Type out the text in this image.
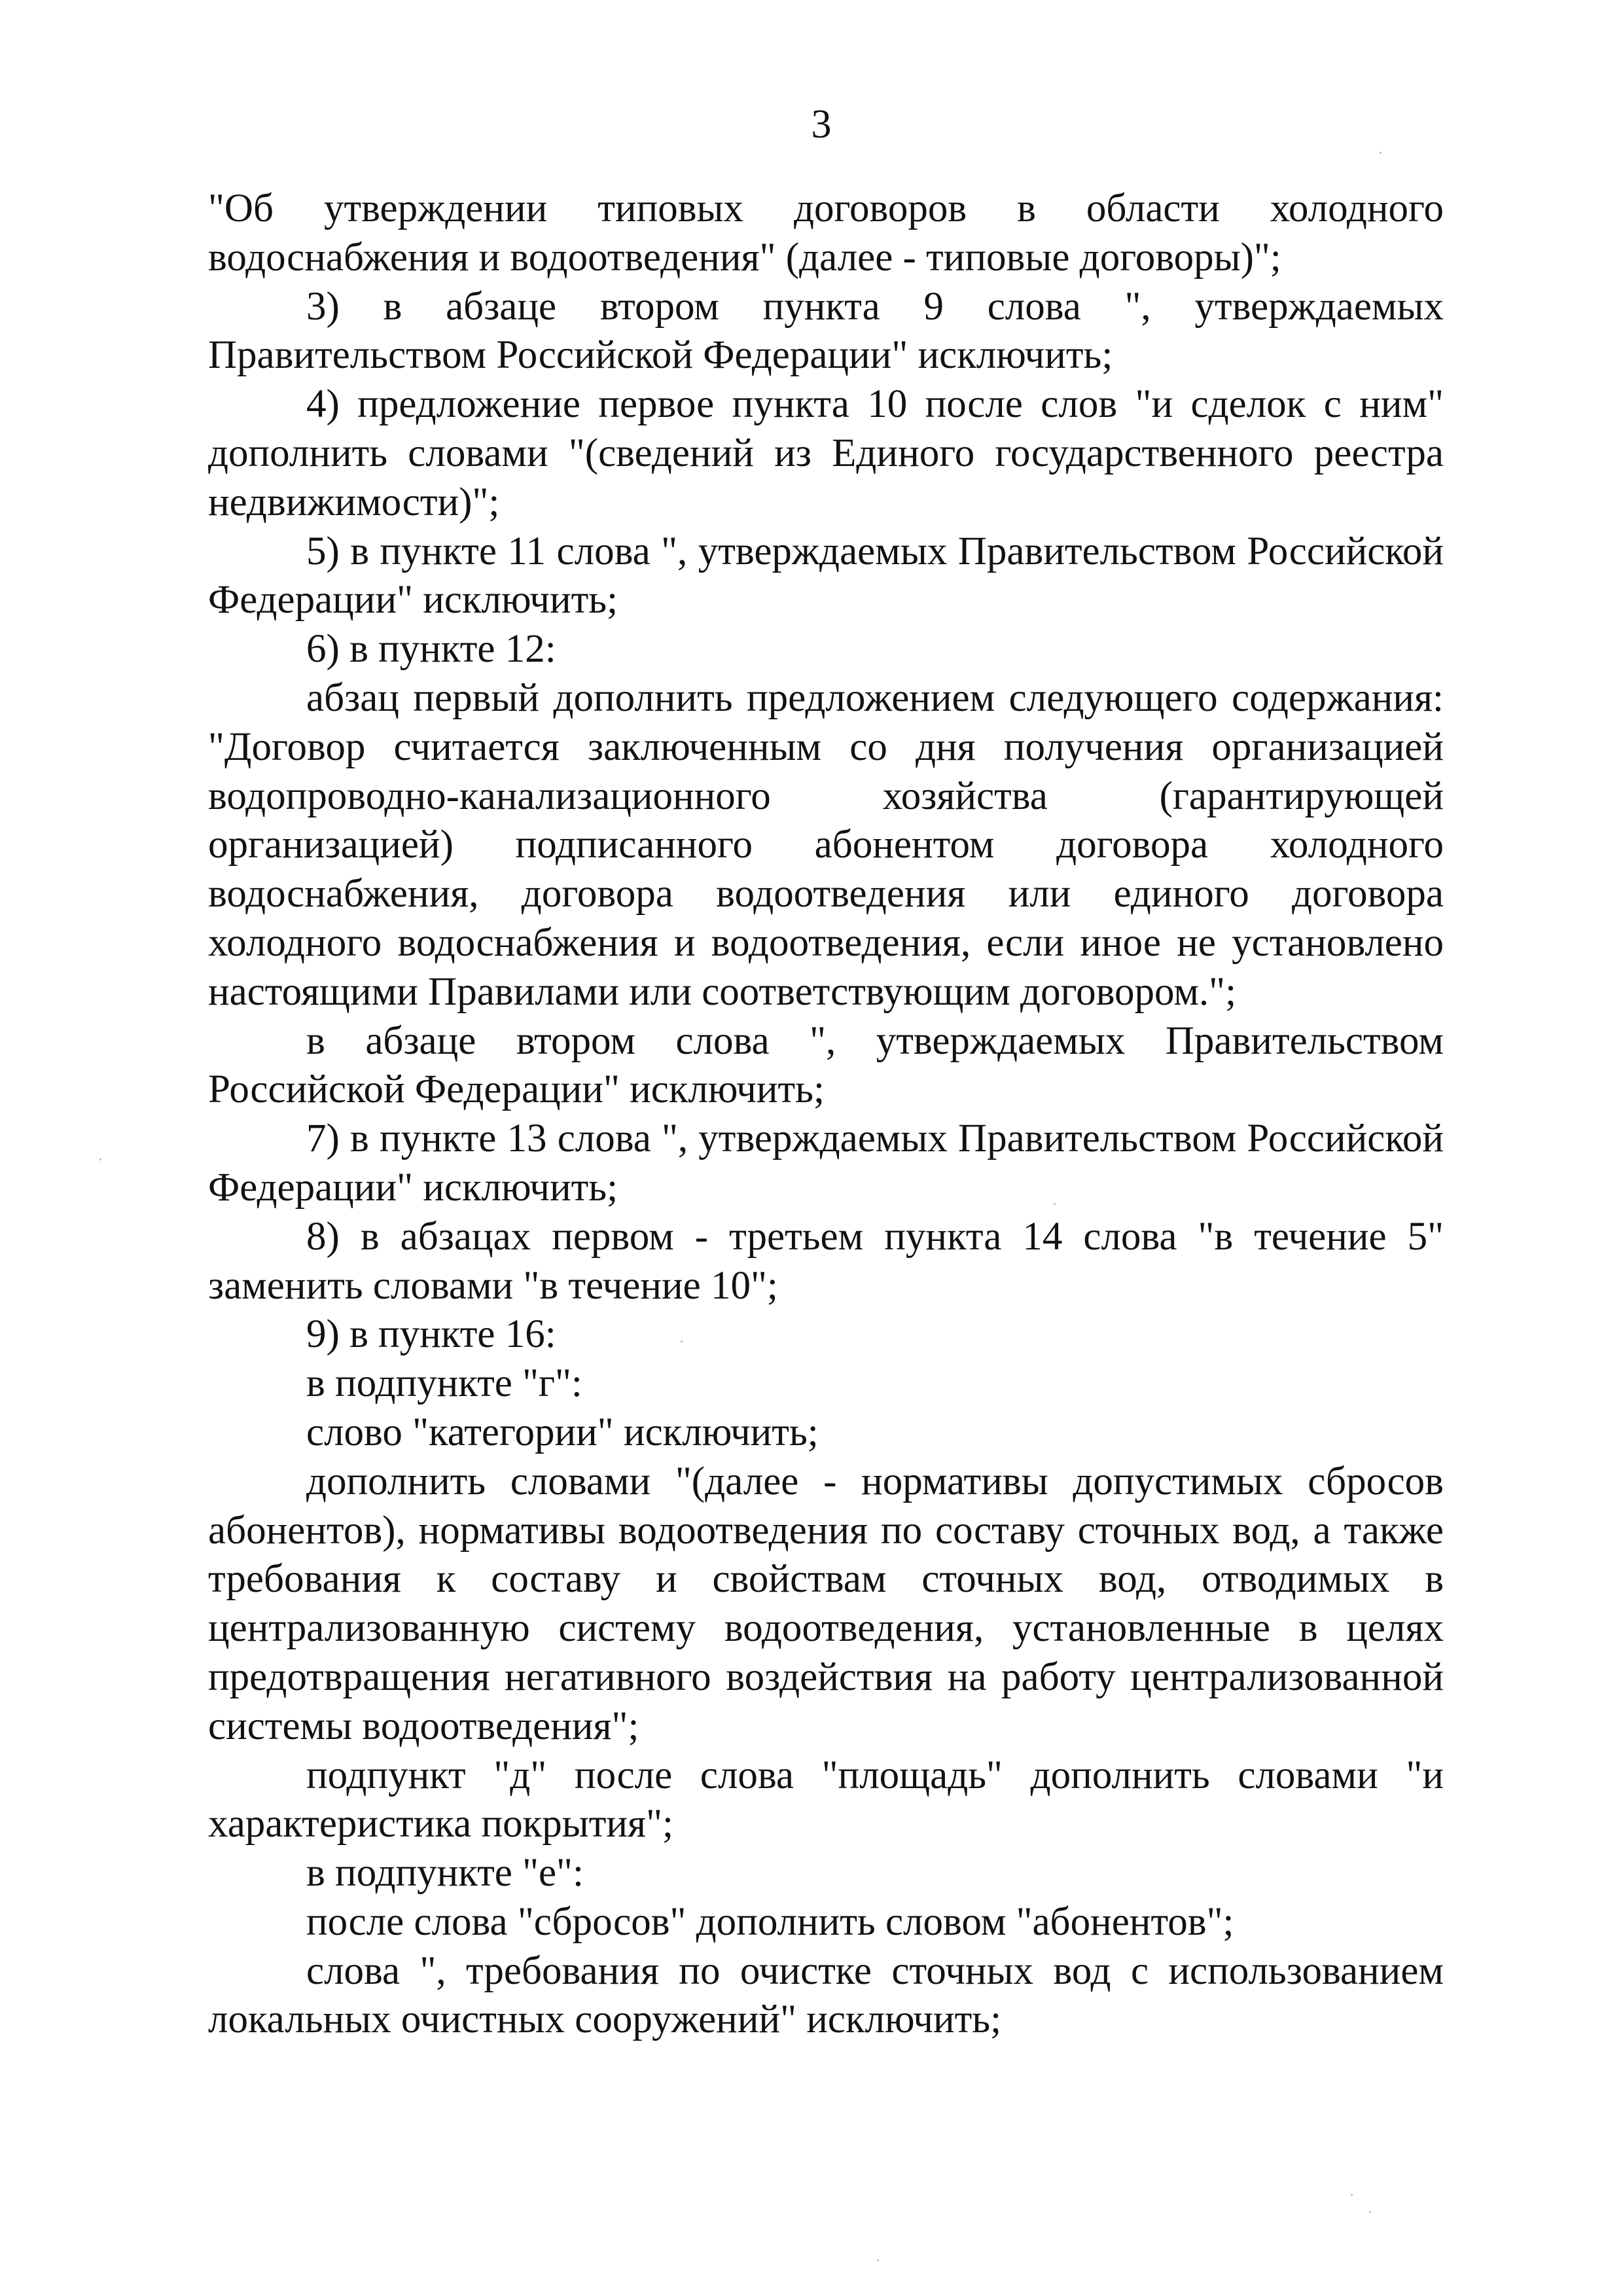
3

"Об утверждении типовых договоров в области холодного водоснабжения и водоотведения" (далее - типовые договоры)";

3) в абзаце втором пункта 9 слова ", утверждаемых Правительством Российской Федерации" исключить;

4) предложение первое пункта 10 после слов "и сделок с ним" дополнить словами "(сведений из Единого государственного реестра недвижимости)";

5) в пункте 11 слова ", утверждаемых Правительством Российской Федерации" исключить;

6) в пункте 12:

абзац первый дополнить предложением следующего содержания: "Договор считается заключенным со дня получения организацией водопроводно-канализационного хозяйства (гарантирующей организацией) подписанного абонентом договора холодного водоснабжения, договора водоотведения или единого договора холодного водоснабжения и водоотведения, если иное не установлено настоящими Правилами или соответствующим договором.";

в абзаце втором слова ", утверждаемых Правительством Российской Федерации" исключить;

7) в пункте 13 слова ", утверждаемых Правительством Российской Федерации" исключить;

8) в абзацах первом - третьем пункта 14 слова "в течение 5" заменить словами "в течение 10";

9) в пункте 16:

в подпункте "г":

слово "категории" исключить;

дополнить словами "(далее - нормативы допустимых сбросов абонентов), нормативы водоотведения по составу сточных вод, а также требования к составу и свойствам сточных вод, отводимых в централизованную систему водоотведения, установленные в целях предотвращения негативного воздействия на работу централизованной системы водоотведения";

подпункт "д" после слова "площадь" дополнить словами "и характеристика покрытия";

в подпункте "е":

после слова "сбросов" дополнить словом "абонентов";

слова ", требования по очистке сточных вод с использованием локальных очистных сооружений" исключить;
